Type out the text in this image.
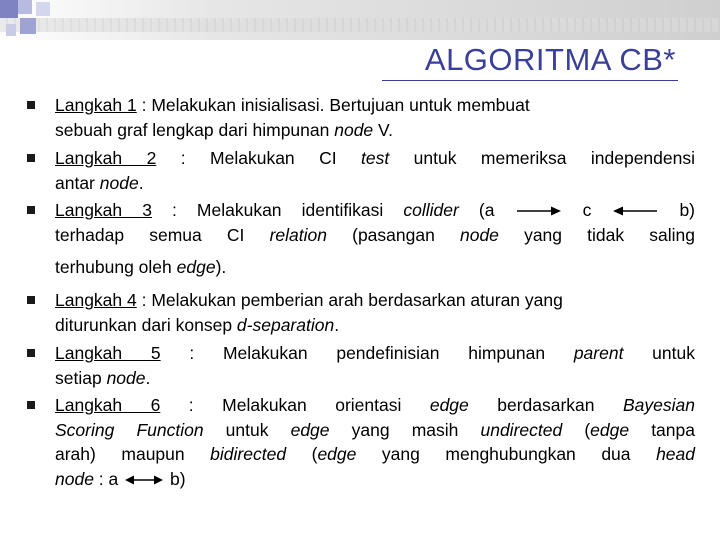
ALGORITMA CB*
Langkah 1 : Melakukan inisialisasi. Bertujuan untuk membuat
sebuah graf lengkap dari himpunan node V.
Langkah 2 : Melakukan CI test untuk memeriksa independensi
antar node.
Langkah 3 : Melakukan identifikasi collider (a	c	b)
terhadap semua CI relation (pasangan node yang tidak saling
terhubung oleh edge).
Langkah 4 : Melakukan pemberian arah berdasarkan aturan yang
diturunkan dari konsep d-separation.
Langkah 5 : Melakukan pendefinisian himpunan parent untuk
setiap node.
Langkah 6 : Melakukan orientasi edge berdasarkan Bayesian
Scoring Function untuk edge yang masih undirected (edge tanpa
arah) maupun bidirected (edge yang menghubungkan dua head
node : a	b)
